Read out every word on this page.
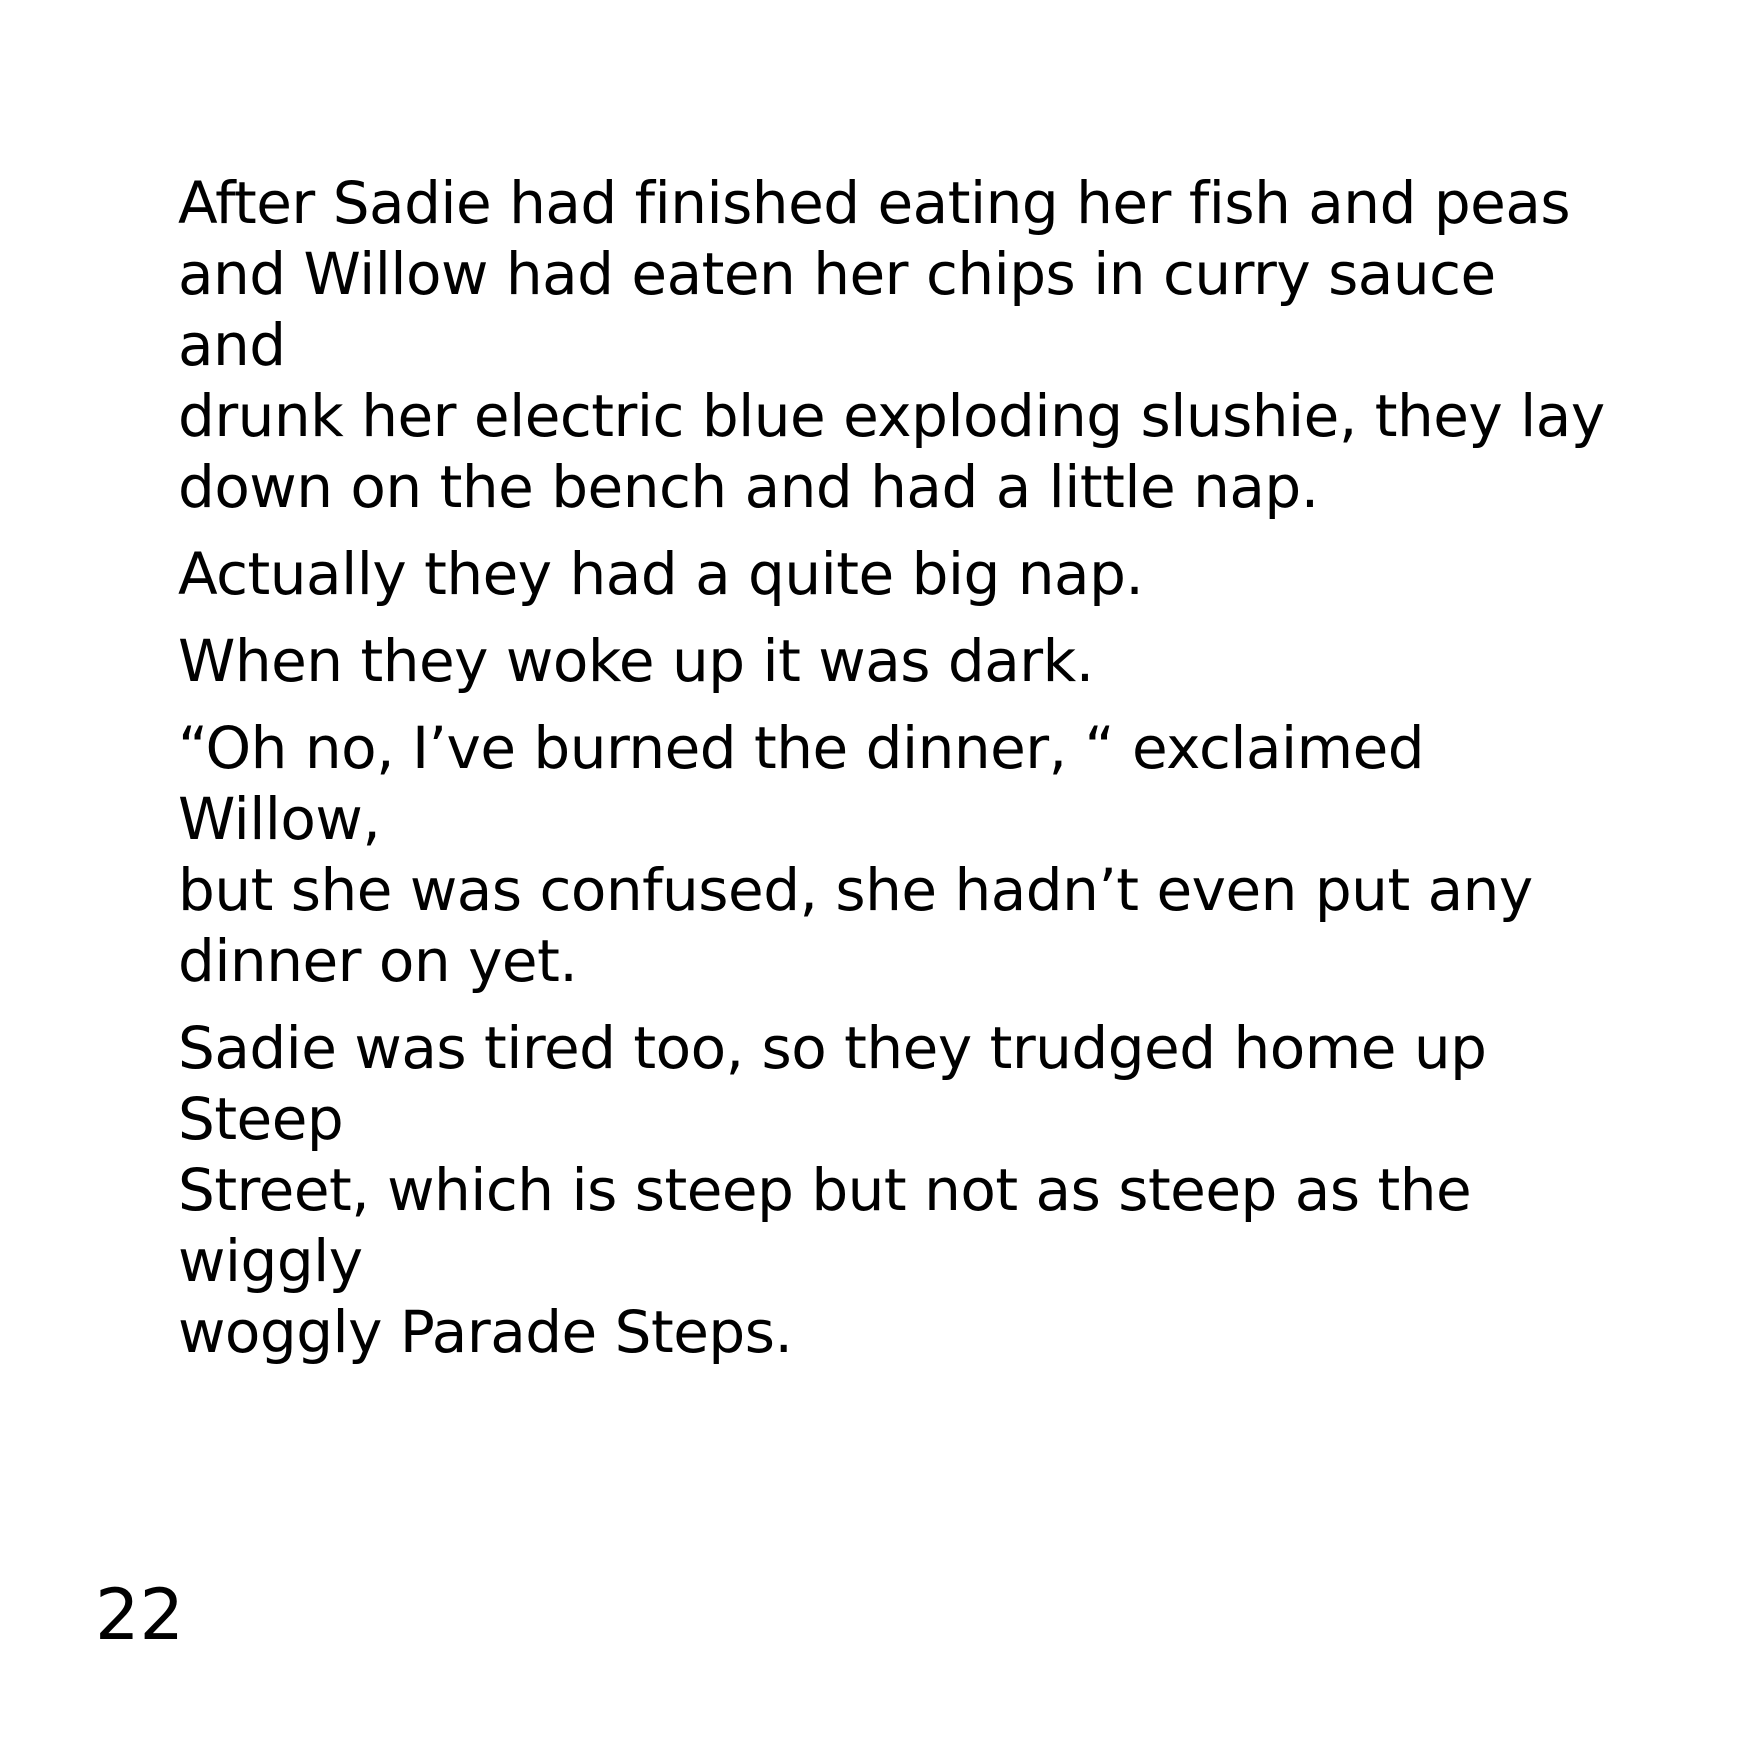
After Sadie had finished eating her fish and peas
and Willow had eaten her chips in curry sauce and
drunk her electric blue exploding slushie, they lay
down on the bench and had a little nap.

Actually they had a quite big nap.

When they woke up it was dark.

“Oh no, I’ve burned the dinner, “ exclaimed Willow,
but she was confused, she hadn’t even put any
dinner on yet.

Sadie was tired too, so they trudged home up Steep
Street, which is steep but not as steep as the wiggly
woggly Parade Steps.

22
